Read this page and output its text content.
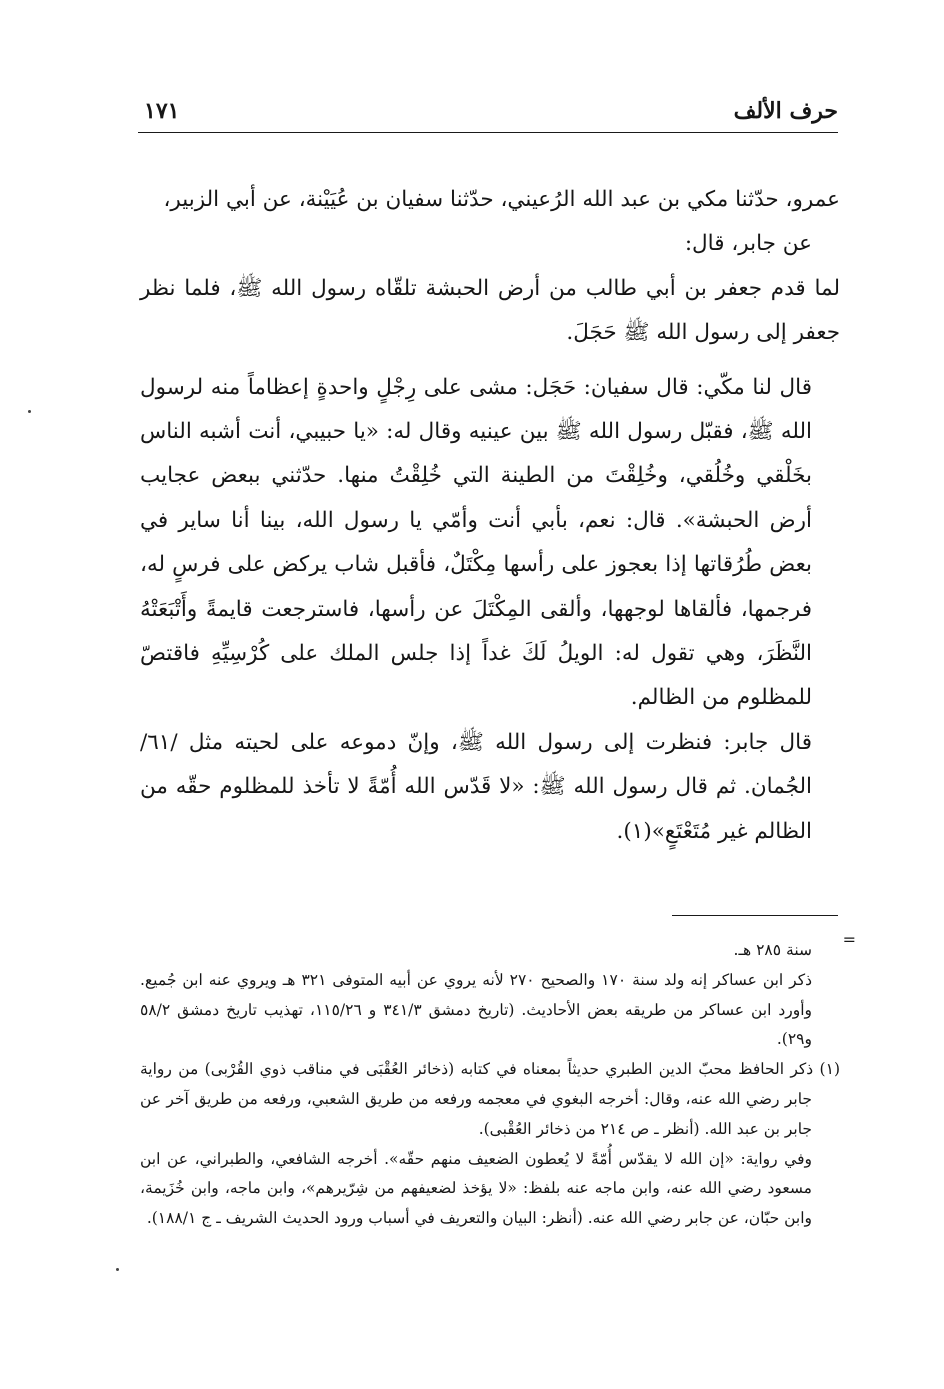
حرف الألف
١٧١

عمرو، حدّثنا مكي بن عبد الله الرُعيني، حدّثنا سفيان بن عُيَيْنة، عن أبي الزبير،

عن جابر، قال:

لما قدم جعفر بن أبي طالب من أرض الحبشة تلقّاه رسول الله ﷺ، فلما نظر جعفر إلى رسول الله ﷺ حَجَلَ.

قال لنا مكّي: قال سفيان: حَجَل: مشى على رِجْلٍ واحدةٍ إعظاماً منه لرسول الله ﷺ، فقبّل رسول الله ﷺ بين عينيه وقال له: «يا حبيبي، أنت أشبه الناس بخَلْقي وخُلُقي، وخُلِقْتَ من الطينة التي خُلِقْتُ منها. حدّثني ببعض عجايب أرض الحبشة». قال: نعم، بأبي أنت وأمّي يا رسول الله، بينا أنا ساير في بعض طُرُقاتها إذا بعجوز على رأسها مِكْتَلٌ، فأقبل شاب يركض على فرسٍ له، فرجمها، فألقاها لوجهها، وألقى المِكْتَلَ عن رأسها، فاسترجعت قايمةً وأَتْبَعَتْهُ النَّظَرَ، وهي تقول له: الويلُ لَكَ غداً إذا جلس الملك على كُرْسِيِّهِ فاقتصّ للمظلوم من الظالم.

قال جابر: فنظرت إلى رسول الله ﷺ، وإنّ دموعه على لحيته مثل /٦١/ الجُمان. ثم قال رسول الله ﷺ: «لا قَدّس الله أُمّةً لا تأخذ للمظلوم حقّه من الظالم غير مُتَعْتَعٍ»(١).

=

سنة ٢٨٥ هـ.

ذكر ابن عساكر إنه ولد سنة ١٧٠ والصحيح ٢٧٠ لأنه يروي عن أبيه المتوفى ٣٢١ هـ ويروي عنه ابن جُميع. وأورد ابن عساكر من طريقه بعض الأحاديث. (تاريخ دمشق ٣٤١/٣ و ١١٥/٢٦، تهذيب تاريخ دمشق ٥٨/٢ و٢٩).

(١) ذكر الحافظ محبّ الدين الطبري حديثاً بمعناه في كتابه (ذخائر العُقْبَى في مناقب ذوي القُرْبى) من رواية جابر رضي الله عنه، وقال: أخرجه البغوي في معجمه ورفعه من طريق الشعبي، ورفعه من طريق آخر عن جابر بن عبد الله. (أنظر ـ ص ٢١٤ من ذخائر العُقْبى).

وفي رواية: «إن الله لا يقدّس أُمّةً لا يُعطون الضعيف منهم حقّه». أخرجه الشافعي، والطبراني، عن ابن مسعود رضي الله عنه، وابن ماجه عنه بلفظ: «لا يؤخذ لضعيفهم من شِرّيرهم»، وابن ماجه، وابن خُزَيمة، وابن حبّان، عن جابر رضي الله عنه. (أنظر: البيان والتعريف في أسباب ورود الحديث الشريف ـ ج ١٨٨/١).
